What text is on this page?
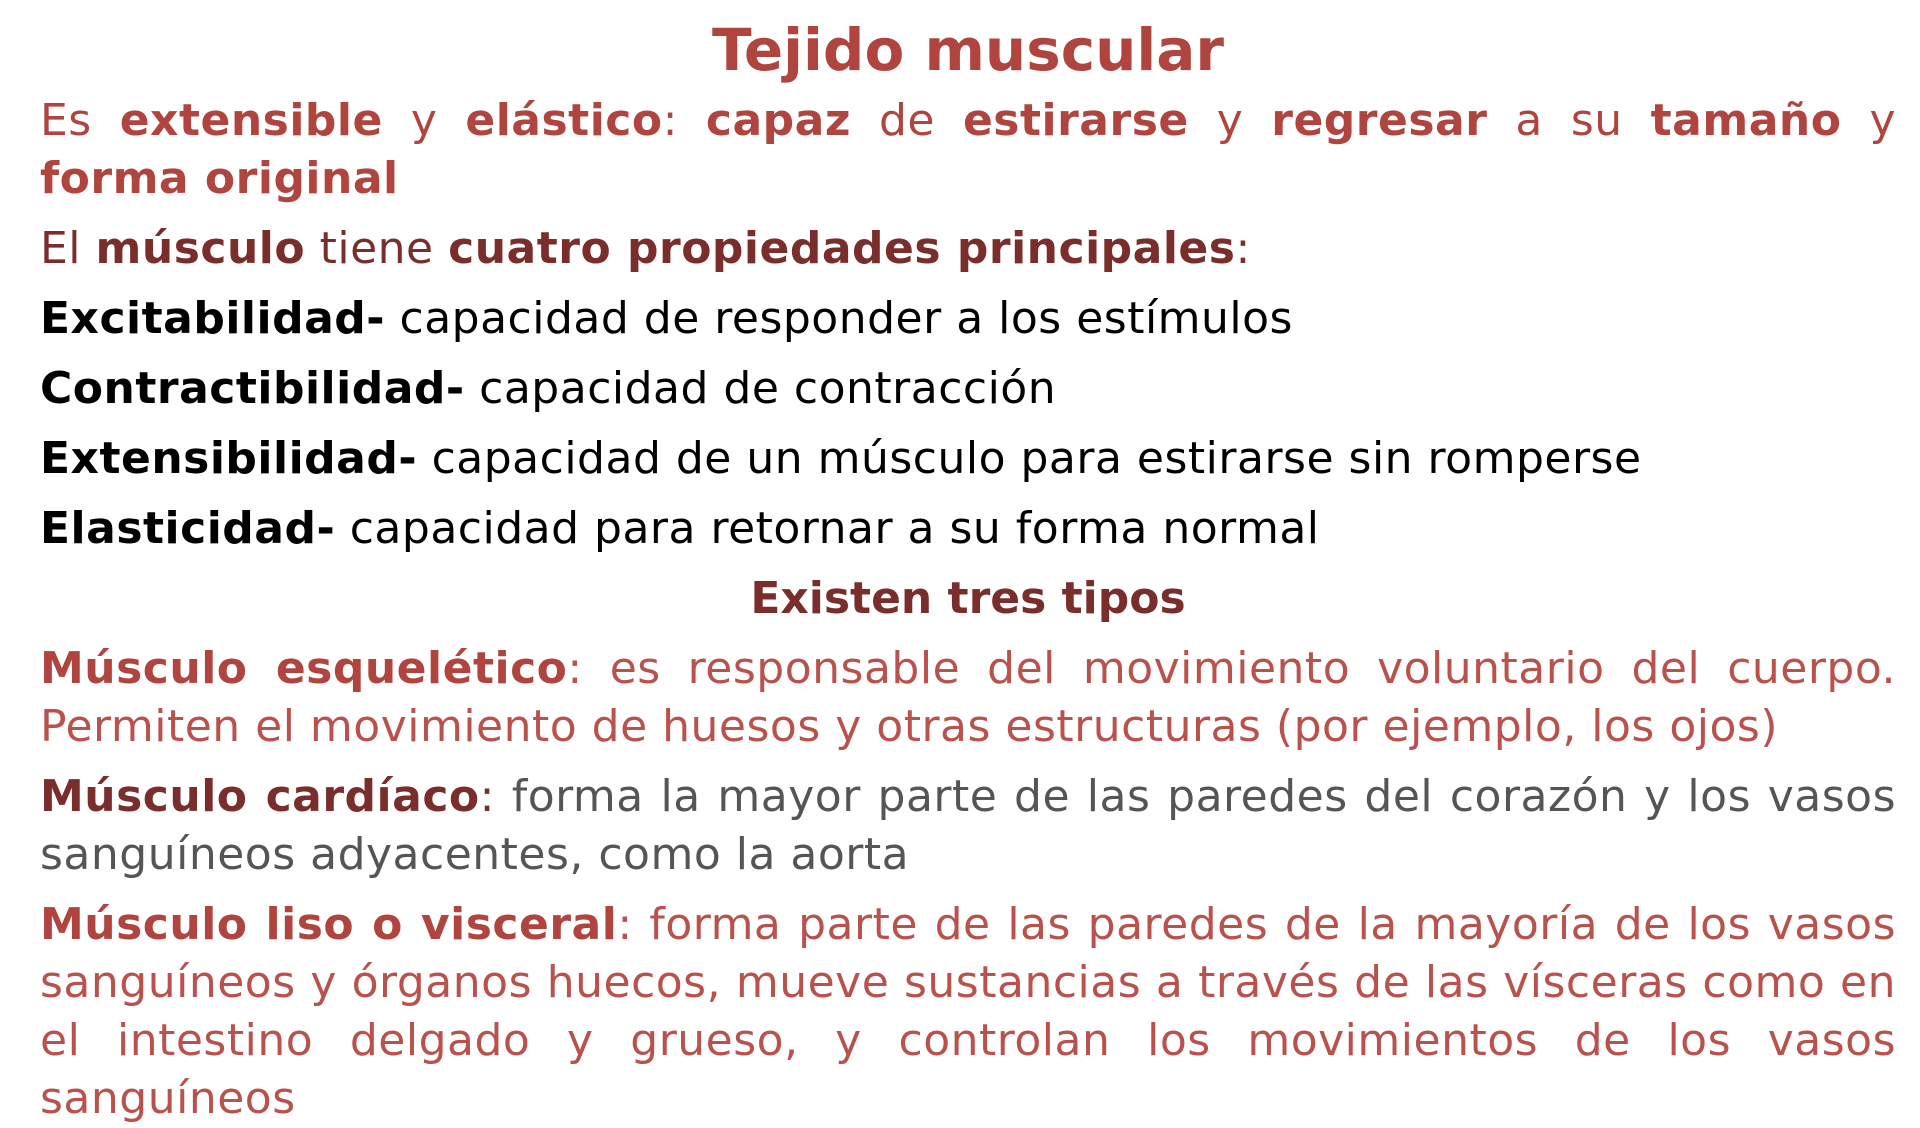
Tejido muscular

Es extensible y elástico: capaz de estirarse y regresar a su tamaño y forma original

El músculo tiene cuatro propiedades principales:

Excitabilidad- capacidad de responder a los estímulos

Contractibilidad- capacidad de contracción

Extensibilidad- capacidad de un músculo para estirarse sin romperse

Elasticidad- capacidad para retornar a su forma normal

Existen tres tipos

Músculo esquelético: es responsable del movimiento voluntario del cuerpo. Permiten el movimiento de huesos y otras estructuras (por ejemplo, los ojos)

Músculo cardíaco: forma la mayor parte de las paredes del corazón y los vasos sanguíneos adyacentes, como la aorta

Músculo liso o visceral: forma parte de las paredes de la mayoría de los vasos sanguíneos y órganos huecos, mueve sustancias a través de las vísceras como en el intestino delgado y grueso, y controlan los movimientos de los vasos sanguíneos
